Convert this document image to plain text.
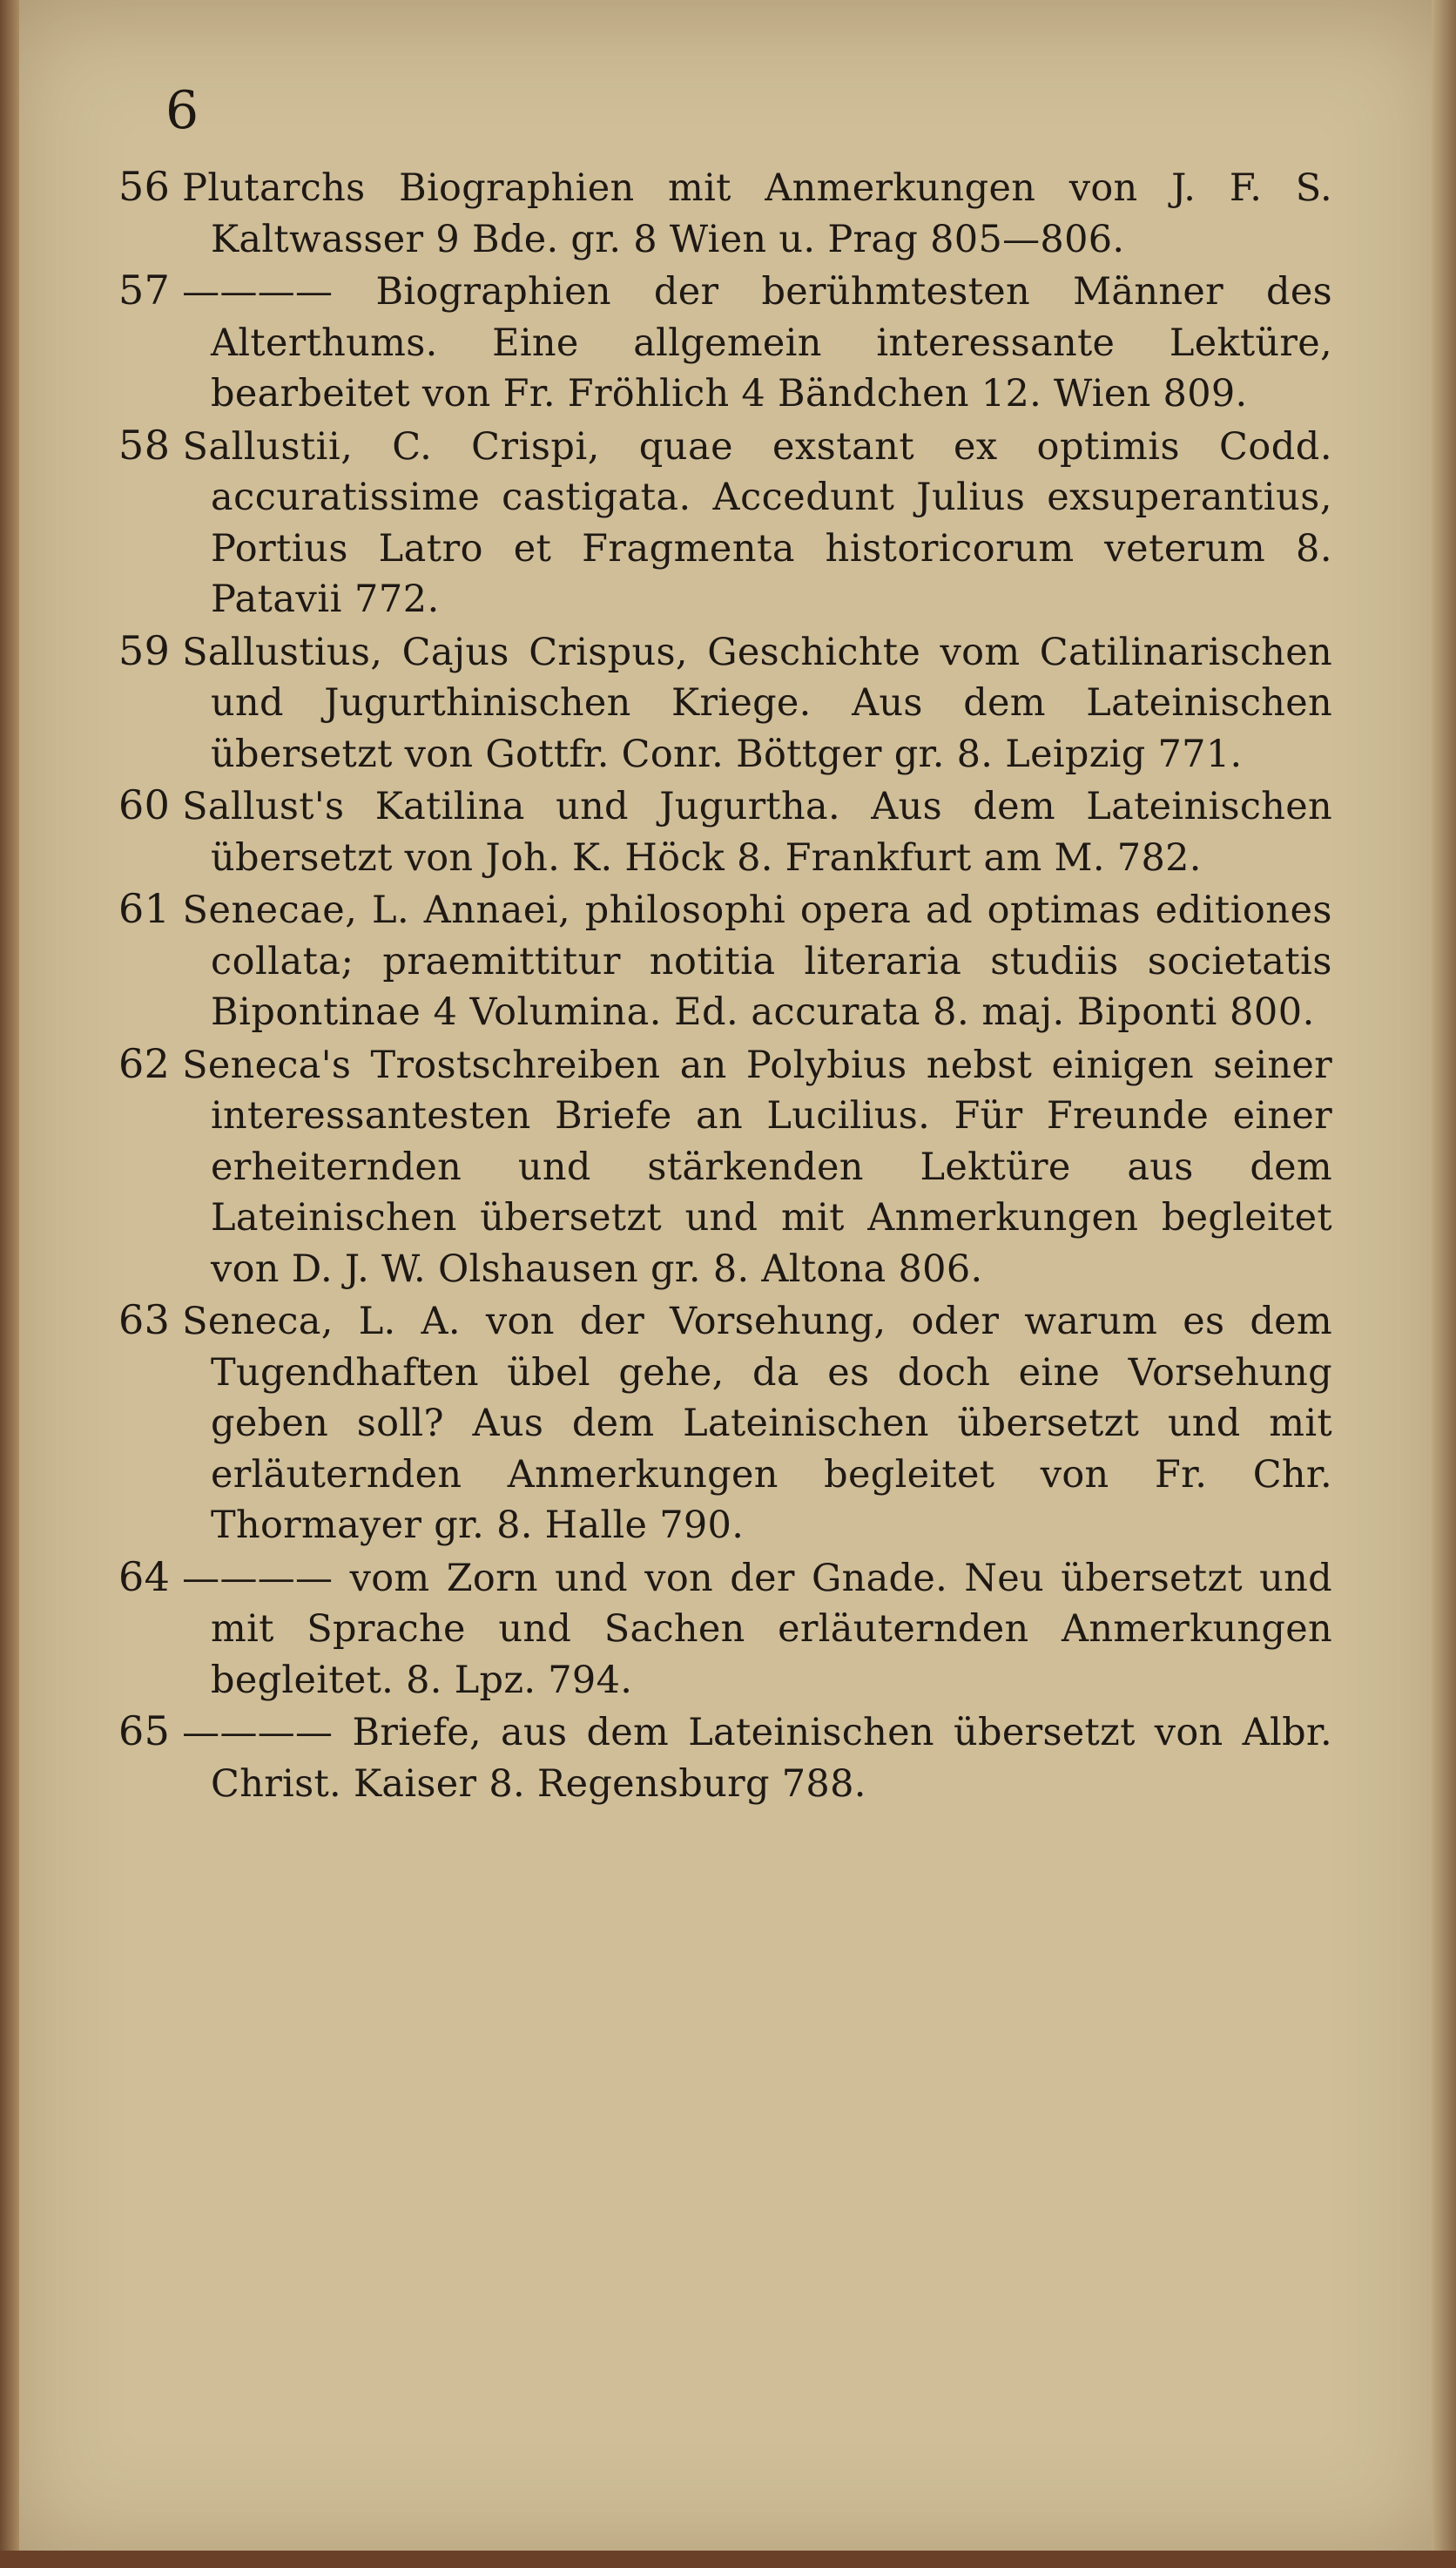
6

56 Plutarchs Biographien mit Anmerkungen von J. F. S. Kaltwasser 9 Bde. gr. 8 Wien u. Prag 805—806.

57 ———— Biographien der berühmtesten Männer des Alterthums. Eine allgemein interessante Lektüre, bearbeitet von Fr. Fröhlich 4 Bändchen 12. Wien 809.

58 Sallustii, C. Crispi, quae exstant ex optimis Codd. accuratissime castigata. Accedunt Julius exsuperantius, Portius Latro et Fragmenta historicorum veterum 8. Patavii 772.

59 Sallustius, Cajus Crispus, Geschichte vom Catilinarischen und Jugurthinischen Kriege. Aus dem Lateinischen übersetzt von Gottfr. Conr. Böttger gr. 8. Leipzig 771.

60 Sallust's Katilina und Jugurtha. Aus dem Lateinischen übersetzt von Joh. K. Höck 8. Frankfurt am M. 782.

61 Senecae, L. Annaei, philosophi opera ad optimas editiones collata; praemittitur notitia literaria studiis societatis Bipontinae 4 Volumina. Ed. accurata 8. maj. Biponti 800.

62 Seneca's Trostschreiben an Polybius nebst einigen seiner interessantesten Briefe an Lucilius. Für Freunde einer erheiternden und stärkenden Lektüre aus dem Lateinischen übersetzt und mit Anmerkungen begleitet von D. J. W. Olshausen gr. 8. Altona 806.

63 Seneca, L. A. von der Vorsehung, oder warum es dem Tugendhaften übel gehe, da es doch eine Vorsehung geben soll? Aus dem Lateinischen übersetzt und mit erläuternden Anmerkungen begleitet von Fr. Chr. Thormayer gr. 8. Halle 790.

64 ———— vom Zorn und von der Gnade. Neu übersetzt und mit Sprache und Sachen erläuternden Anmerkungen begleitet. 8. Lpz. 794.

65 ———— Briefe, aus dem Lateinischen übersetzt von Albr. Christ. Kaiser 8. Regensburg 788.
